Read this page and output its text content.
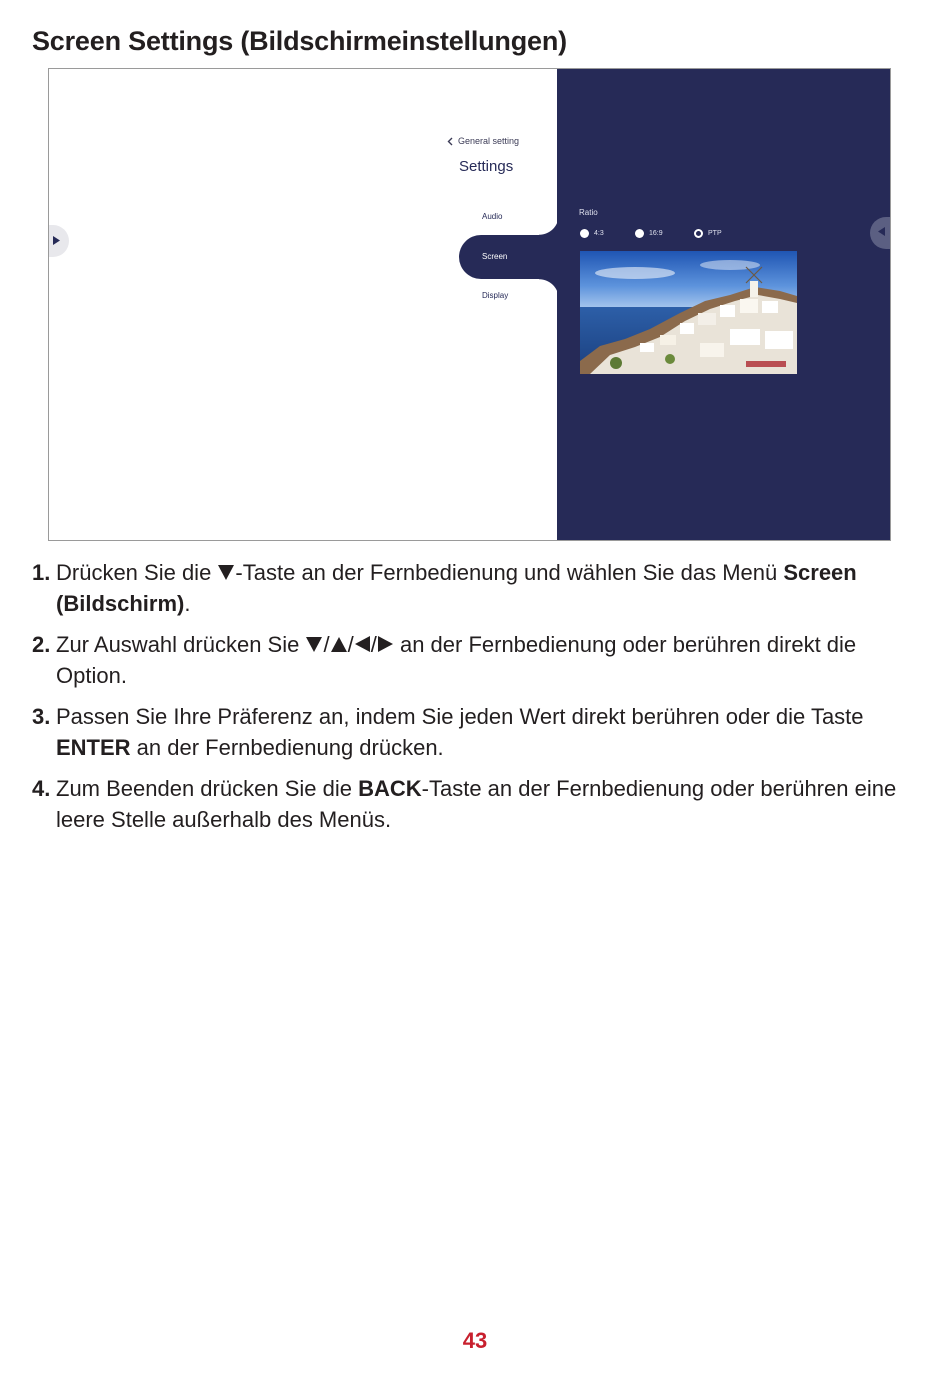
Screen Settings (Bildschirmeinstellungen)
General setting
Settings
Audio
Screen
Display
Ratio
4:3	16:9	PTP
1. Drücken Sie die -Taste an der Fernbedienung und wählen Sie das Menü Screen (Bildschirm).
2. Zur Auswahl drücken Sie / / / an der Fernbedienung oder berühren direkt die Option.
3. Passen Sie Ihre Präferenz an, indem Sie jeden Wert direkt berühren oder die Taste ENTER an der Fernbedienung drücken.
4. Zum Beenden drücken Sie die BACK-Taste an der Fernbedienung oder berühren eine leere Stelle außerhalb des Menüs.
43
